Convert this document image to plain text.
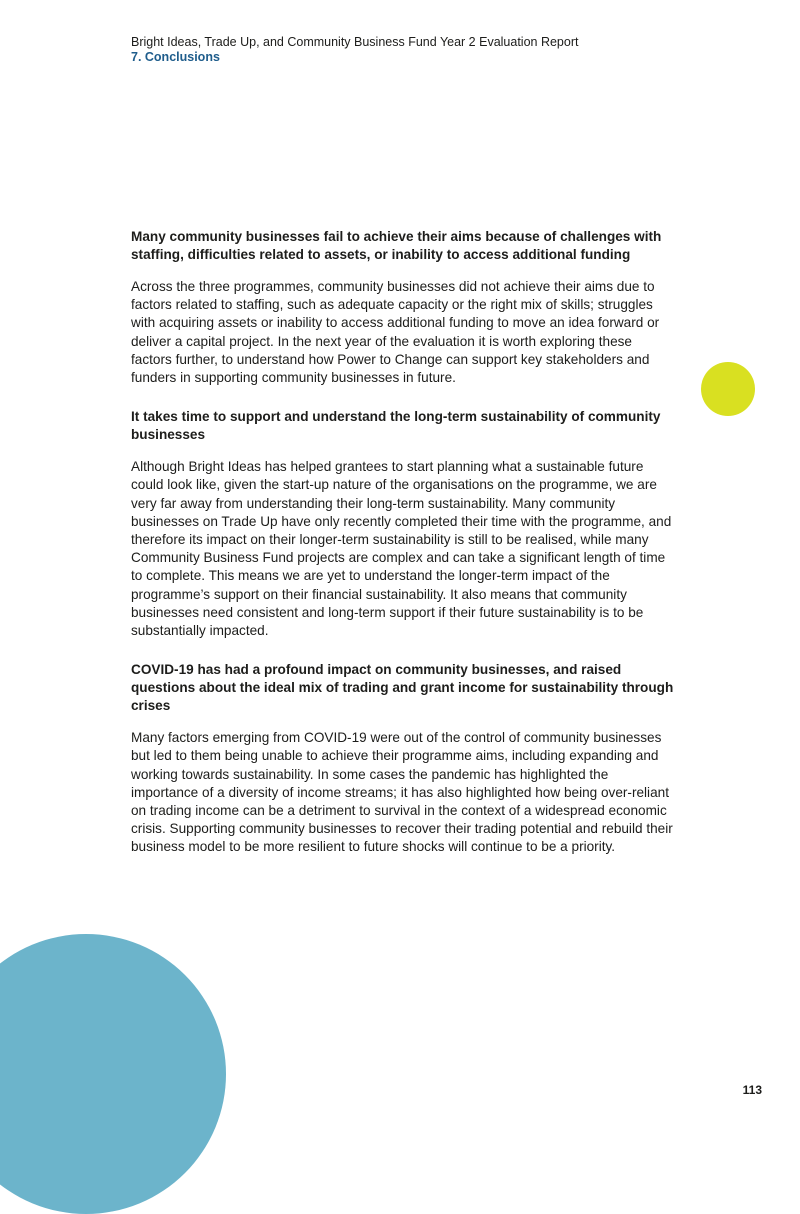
Bright Ideas, Trade Up, and Community Business Fund Year 2 Evaluation Report
7. Conclusions
Many community businesses fail to achieve their aims because of challenges with staffing, difficulties related to assets, or inability to access additional funding

Across the three programmes, community businesses did not achieve their aims due to factors related to staffing, such as adequate capacity or the right mix of skills; struggles with acquiring assets or inability to access additional funding to move an idea forward or deliver a capital project. In the next year of the evaluation it is worth exploring these factors further, to understand how Power to Change can support key stakeholders and funders in supporting community businesses in future.

It takes time to support and understand the long-term sustainability of community businesses

Although Bright Ideas has helped grantees to start planning what a sustainable future could look like, given the start-up nature of the organisations on the programme, we are very far away from understanding their long-term sustainability. Many community businesses on Trade Up have only recently completed their time with the programme, and therefore its impact on their longer-term sustainability is still to be realised, while many Community Business Fund projects are complex and can take a significant length of time to complete. This means we are yet to understand the longer-term impact of the programme’s support on their financial sustainability. It also means that community businesses need consistent and long-term support if their future sustainability is to be substantially impacted.

COVID-19 has had a profound impact on community businesses, and raised questions about the ideal mix of trading and grant income for sustainability through crises

Many factors emerging from COVID-19 were out of the control of community businesses but led to them being unable to achieve their programme aims, including expanding and working towards sustainability. In some cases the pandemic has highlighted the importance of a diversity of income streams; it has also highlighted how being over-reliant on trading income can be a detriment to survival in the context of a widespread economic crisis. Supporting community businesses to recover their trading potential and rebuild their business model to be more resilient to future shocks will continue to be a priority.

113
